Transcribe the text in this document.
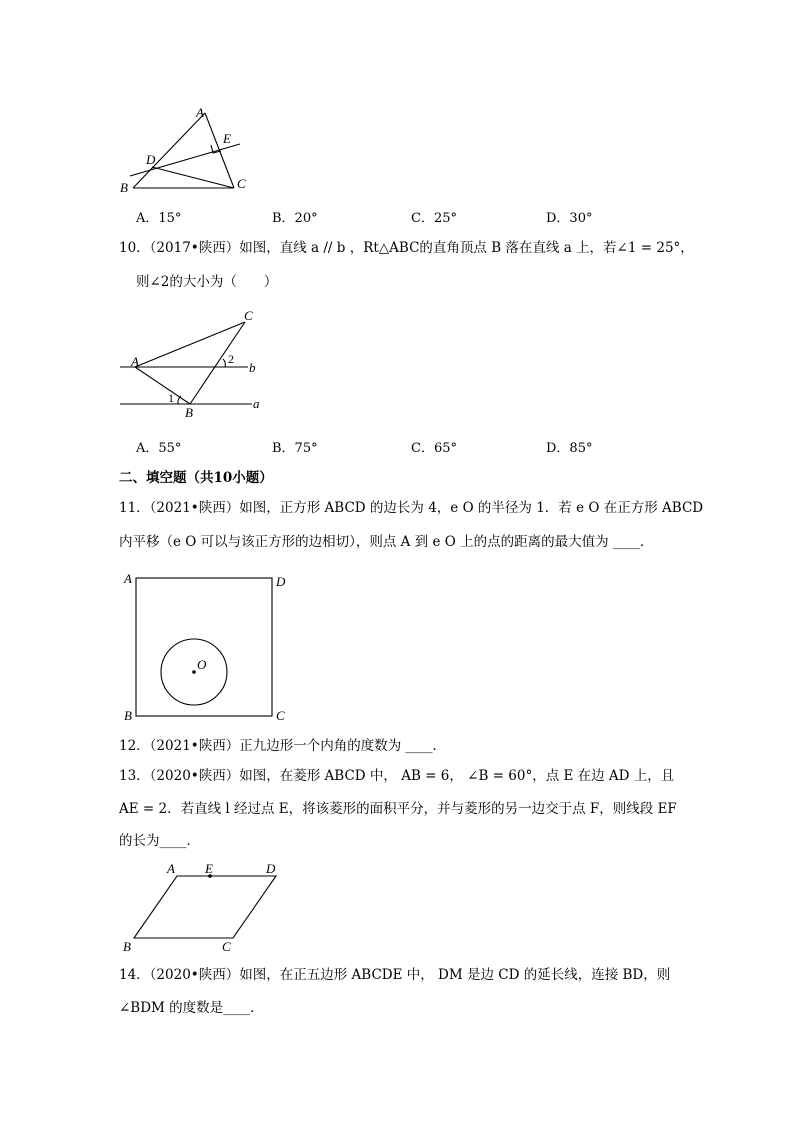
A
E
D
B	C
A．15°	B．20°	C．25°	D．30°
10．（2017•陕西）如图，直线 a // b ，Rt△ABC的直角顶点 B 落在直线 a 上，若∠1 = 25°，
则∠2的大小为（　　）
C
A	2
b
1	a
B
A．55°	B．75°	C．65°	D．85°
二、填空题（共10小题）
11．（2021•陕西）如图，正方形 ABCD 的边长为 4，e O 的半径为 1．若 e O 在正方形 ABCD
内平移（e O 可以与该正方形的边相切），则点 A 到 e O 上的点的距离的最大值为 ____．
A	D
O
B	C
12．（2021•陕西）正九边形一个内角的度数为 ____．
13．（2020•陕西）如图，在菱形 ABCD 中， AB = 6， ∠B = 60°，点 E 在边 AD 上，且
AE = 2．若直线 l 经过点 E，将该菱形的面积平分，并与菱形的另一边交于点 F，则线段 EF
的长为____．
A E	D
B	C
14．（2020•陕西）如图，在正五边形 ABCDE 中， DM 是边 CD 的延长线，连接 BD，则
∠BDM 的度数是____．
